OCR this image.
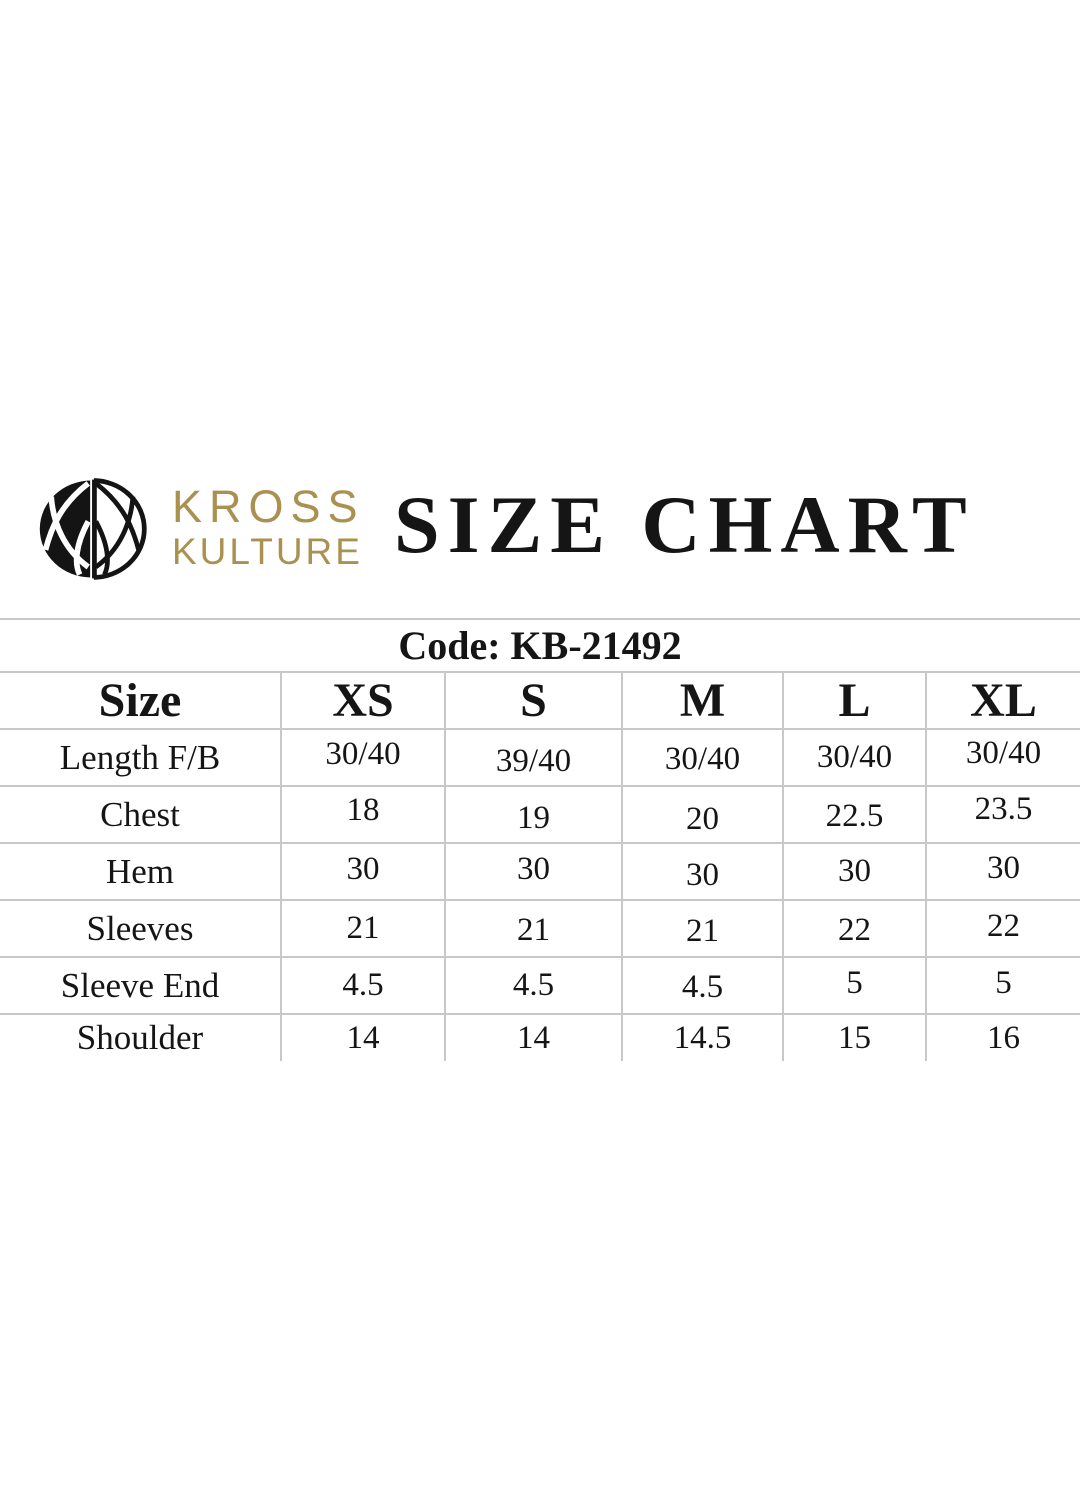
KROSS
KULTURE SIZE CHART
Code: KB-21492					
Size	XS	S	M	L	XL
Length F/B	30/40	39/40	30/40	30/40	30/40
Chest	18	19	20	22.5	23.5
Hem	30	30	30	30	30
Sleeves	21	21	21	22	22
Sleeve End	4.5	4.5	4.5	5	5
Shoulder	14	14	14.5	15	16
